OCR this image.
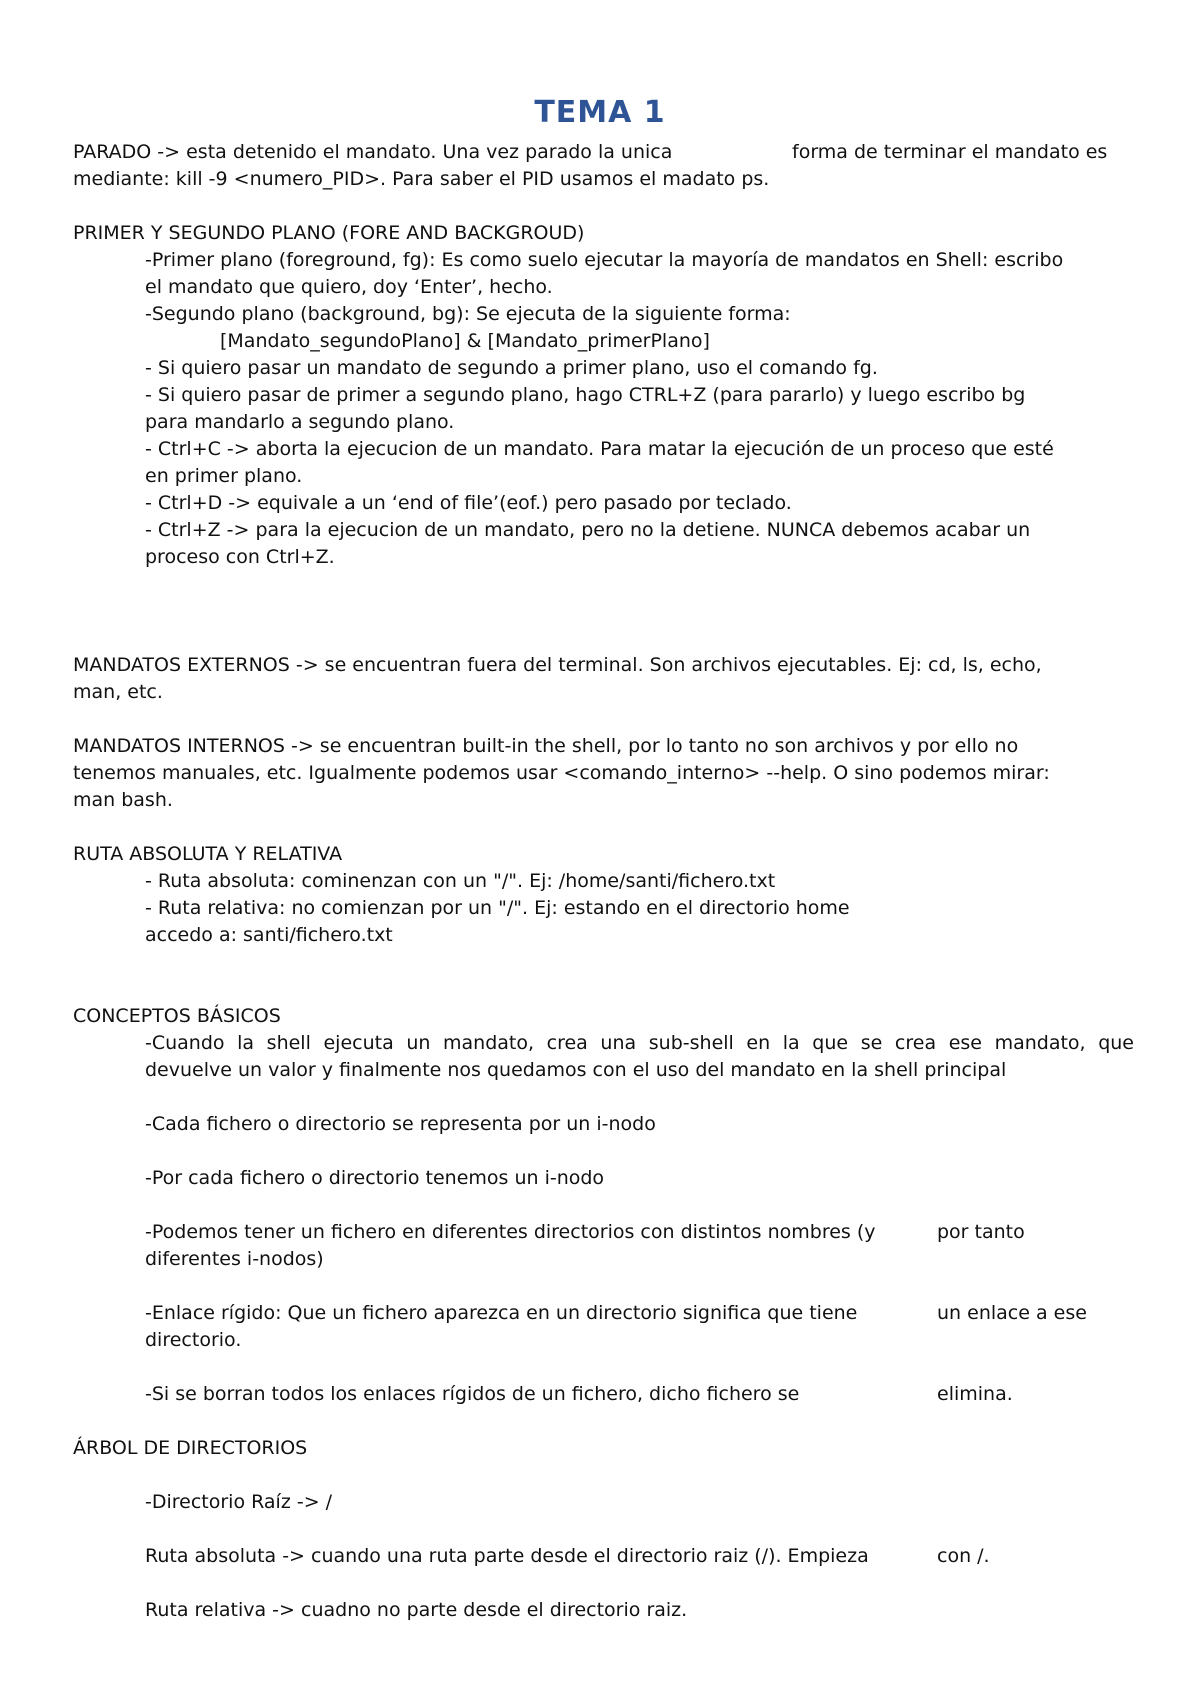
TEMA 1
PARADO -> esta detenido el mandato. Una vez parado la unica	forma de terminar el mandato es
mediante: kill -9 <numero_PID>. Para saber el PID usamos el madato ps.
PRIMER Y SEGUNDO PLANO (FORE AND BACKGROUD)
-Primer plano (foreground, fg): Es como suelo ejecutar la mayoría de mandatos en Shell: escribo
el mandato que quiero, doy ‘Enter’, hecho.
-Segundo plano (background, bg): Se ejecuta de la siguiente forma:
[Mandato_segundoPlano] & [Mandato_primerPlano]
- Si quiero pasar un mandato de segundo a primer plano, uso el comando fg.
- Si quiero pasar de primer a segundo plano, hago CTRL+Z (para pararlo) y luego escribo bg
para mandarlo a segundo plano.
- Ctrl+C -> aborta la ejecucion de un mandato. Para matar la ejecución de un proceso que esté
en primer plano.
- Ctrl+D -> equivale a un ‘end of file’(eof.) pero pasado por teclado.
- Ctrl+Z -> para la ejecucion de un mandato, pero no la detiene. NUNCA debemos acabar un
proceso con Ctrl+Z.
MANDATOS EXTERNOS -> se encuentran fuera del terminal. Son archivos ejecutables. Ej: cd, ls, echo,
man, etc.
MANDATOS INTERNOS -> se encuentran built-in the shell, por lo tanto no son archivos y por ello no
tenemos manuales, etc. Igualmente podemos usar <comando_interno> --help. O sino podemos mirar:
man bash.
RUTA ABSOLUTA Y RELATIVA
- Ruta absoluta: cominenzan con un "/". Ej: /home/santi/fichero.txt
- Ruta relativa: no comienzan por un "/". Ej: estando en el directorio home
accedo a: santi/fichero.txt
CONCEPTOS BÁSICOS
-Cuando la shell ejecuta un mandato, crea una sub-shell en la que se crea ese mandato, que
devuelve un valor y finalmente nos quedamos con el uso del mandato en la shell principal
-Cada fichero o directorio se representa por un i-nodo
-Por cada fichero o directorio tenemos un i-nodo
-Podemos tener un fichero en diferentes directorios con distintos nombres (y	por tanto
diferentes i-nodos)
-Enlace rígido: Que un fichero aparezca en un directorio significa que tiene	un enlace a ese
directorio.
-Si se borran todos los enlaces rígidos de un fichero, dicho fichero se	elimina.
ÁRBOL DE DIRECTORIOS
-Directorio Raíz -> /
Ruta absoluta -> cuando una ruta parte desde el directorio raiz (/). Empieza	con /.
Ruta relativa -> cuadno no parte desde el directorio raiz.
